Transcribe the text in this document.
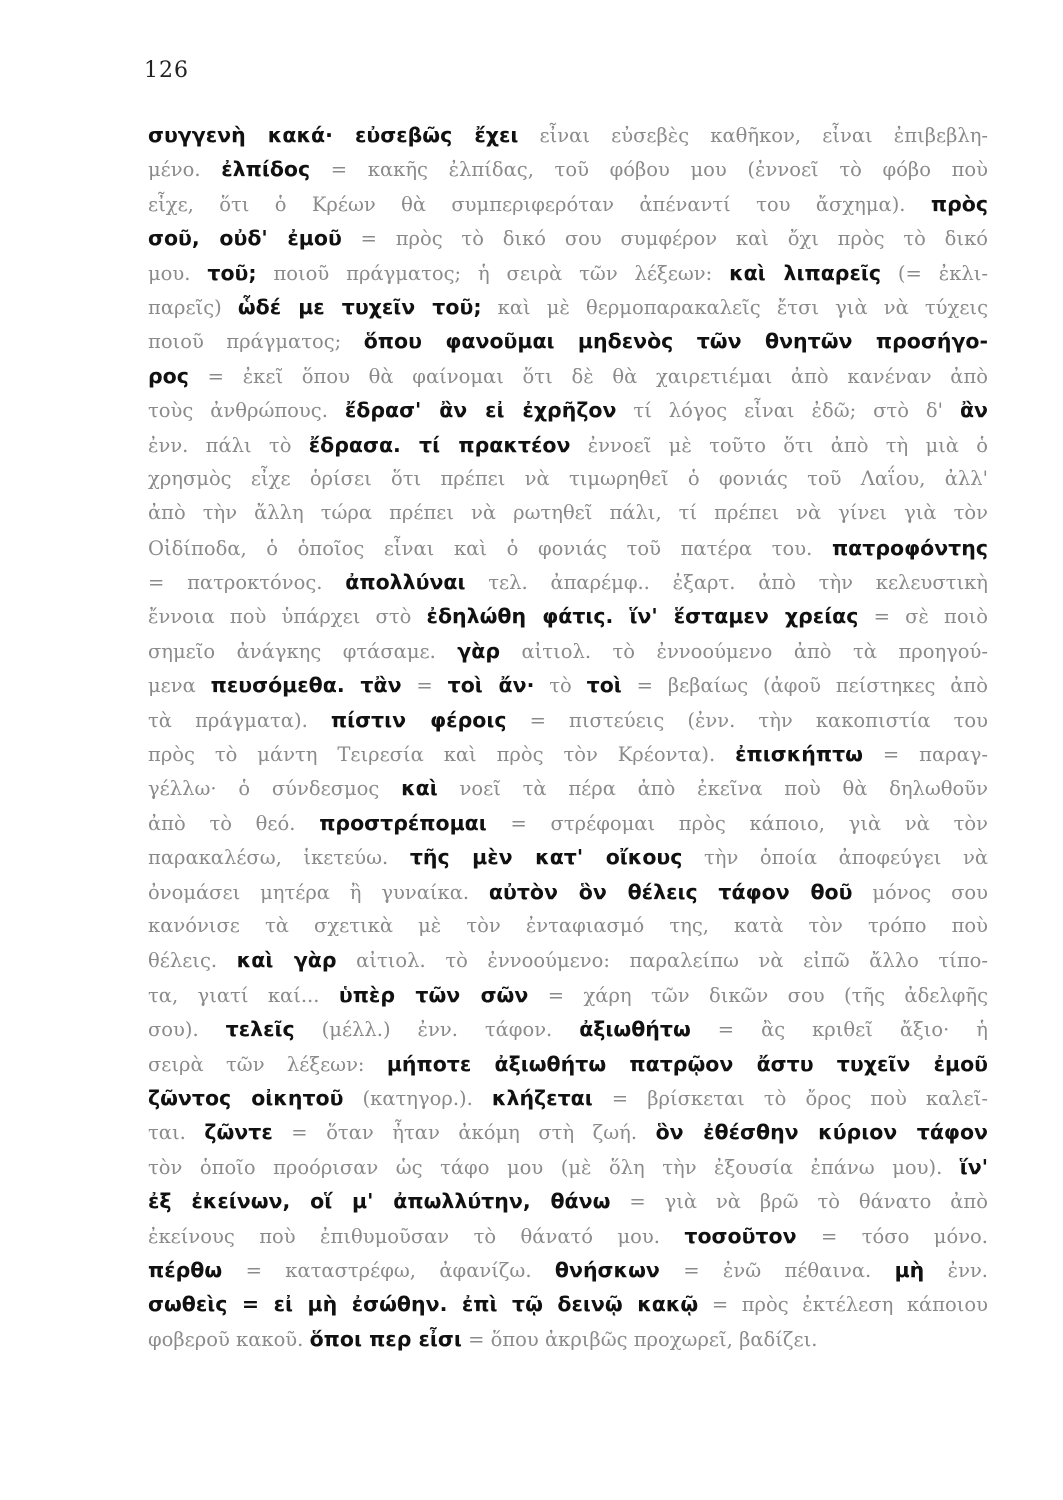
126
συγγενὴ κακά· εὐσεβῶς ἔχει εἶναι εὐσεβὲς καθῆκον, εἶναι ἐπιβεβλη-
μένο. ἐλπίδος = κακῆς ἐλπίδας, τοῦ φόβου μου (ἐννοεῖ τὸ φόβο ποὺ
εἶχε, ὅτι ὁ Κρέων θὰ συμπεριφερόταν ἀπέναντί του ἄσχημα). πρὸς
σοῦ, οὐδ' ἐμοῦ = πρὸς τὸ δικό σου συμφέρον καὶ ὄχι πρὸς τὸ δικό
μου. τοῦ; ποιοῦ πράγματος; ἡ σειρὰ τῶν λέξεων: καὶ λιπαρεῖς (= ἐκλι-
παρεῖς) ὧδέ με τυχεῖν τοῦ; καὶ μὲ θερμοπαρακαλεῖς ἔτσι γιὰ νὰ τύχεις
ποιοῦ πράγματος; ὅπου φανοῦμαι μηδενὸς τῶν θνητῶν προσήγο-
ρος = ἐκεῖ ὅπου θὰ φαίνομαι ὅτι δὲ θὰ χαιρετιέμαι ἀπὸ κανέναν ἀπὸ
τοὺς ἀνθρώπους. ἔδρασ' ἂν εἰ ἐχρῆζον τί λόγος εἶναι ἐδῶ; στὸ δ' ἂν
ἐνν. πάλι τὸ ἔδρασα. τί πρακτέον ἐννοεῖ μὲ τοῦτο ὅτι ἀπὸ τὴ μιὰ ὁ
χρησμὸς εἶχε ὁρίσει ὅτι πρέπει νὰ τιμωρηθεῖ ὁ φονιάς τοῦ Λαΐου, ἀλλ'
ἀπὸ τὴν ἄλλη τώρα πρέπει νὰ ρωτηθεῖ πάλι, τί πρέπει νὰ γίνει γιὰ τὸν
Οἰδίποδα, ὁ ὁποῖος εἶναι καὶ ὁ φονιάς τοῦ πατέρα του. πατροφόντης
= πατροκτόνος. ἀπολλύναι τελ. ἀπαρέμφ.. ἐξαρτ. ἀπὸ τὴν κελευστικὴ
ἔννοια ποὺ ὑπάρχει στὸ ἐδηλώθη φάτις. ἵν' ἕσταμεν χρείας = σὲ ποιὸ
σημεῖο ἀνάγκης φτάσαμε. γὰρ αἰτιολ. τὸ ἐννοούμενο ἀπὸ τὰ προηγού-
μενα πευσόμεθα. τἂν = τοὶ ἄν· τὸ τοὶ = βεβαίως (ἀφοῦ πείστηκες ἀπὸ
τὰ πράγματα). πίστιν φέροις = πιστεύεις (ἐνν. τὴν κακοπιστία του
πρὸς τὸ μάντη Τειρεσία καὶ πρὸς τὸν Κρέοντα). ἐπισκήπτω = παραγ-
γέλλω· ὁ σύνδεσμος καὶ νοεῖ τὰ πέρα ἀπὸ ἐκεῖνα ποὺ θὰ δηλωθοῦν
ἀπὸ τὸ θεό. προστρέπομαι = στρέφομαι πρὸς κάποιο, γιὰ νὰ τὸν
παρακαλέσω, ἱκετεύω. τῆς μὲν κατ' οἴκους τὴν ὁποία ἀποφεύγει νὰ
ὀνομάσει μητέρα ἢ γυναίκα. αὐτὸν ὃν θέλεις τάφον θοῦ μόνος σου
κανόνισε τὰ σχετικὰ μὲ τὸν ἐνταφιασμό της, κατὰ τὸν τρόπο ποὺ
θέλεις. καὶ γὰρ αἰτιολ. τὸ ἐννοούμενο: παραλείπω νὰ εἰπῶ ἄλλο τίπο-
τα, γιατί καί... ὑπὲρ τῶν σῶν = χάρη τῶν δικῶν σου (τῆς ἀδελφῆς
σου). τελεῖς (μέλλ.) ἐνν. τάφον. ἀξιωθήτω = ἂς κριθεῖ ἄξιο· ἡ
σειρὰ τῶν λέξεων: μήποτε ἀξιωθήτω πατρῷον ἄστυ τυχεῖν ἐμοῦ
ζῶντος οἰκητοῦ (κατηγορ.). κλήζεται = βρίσκεται τὸ ὄρος ποὺ καλεῖ-
ται. ζῶντε = ὅταν ἦταν ἀκόμη στὴ ζωή. ὃν ἐθέσθην κύριον τάφον
τὸν ὁποῖο προόρισαν ὡς τάφο μου (μὲ ὅλη τὴν ἐξουσία ἐπάνω μου). ἵν'
ἐξ ἐκείνων, οἵ μ' ἀπωλλύτην, θάνω = γιὰ νὰ βρῶ τὸ θάνατο ἀπὸ
ἐκείνους ποὺ ἐπιθυμοῦσαν τὸ θάνατό μου. τοσοῦτον = τόσο μόνο.
πέρθω = καταστρέφω, ἀφανίζω. θνήσκων = ἐνῶ πέθαινα. μὴ ἐνν.
σωθεὶς = εἰ μὴ ἐσώθην. ἐπὶ τῷ δεινῷ κακῷ = πρὸς ἐκτέλεση κάποιου
φοβεροῦ κακοῦ. ὅποι περ εἶσι = ὅπου ἀκριβῶς προχωρεῖ, βαδίζει.
